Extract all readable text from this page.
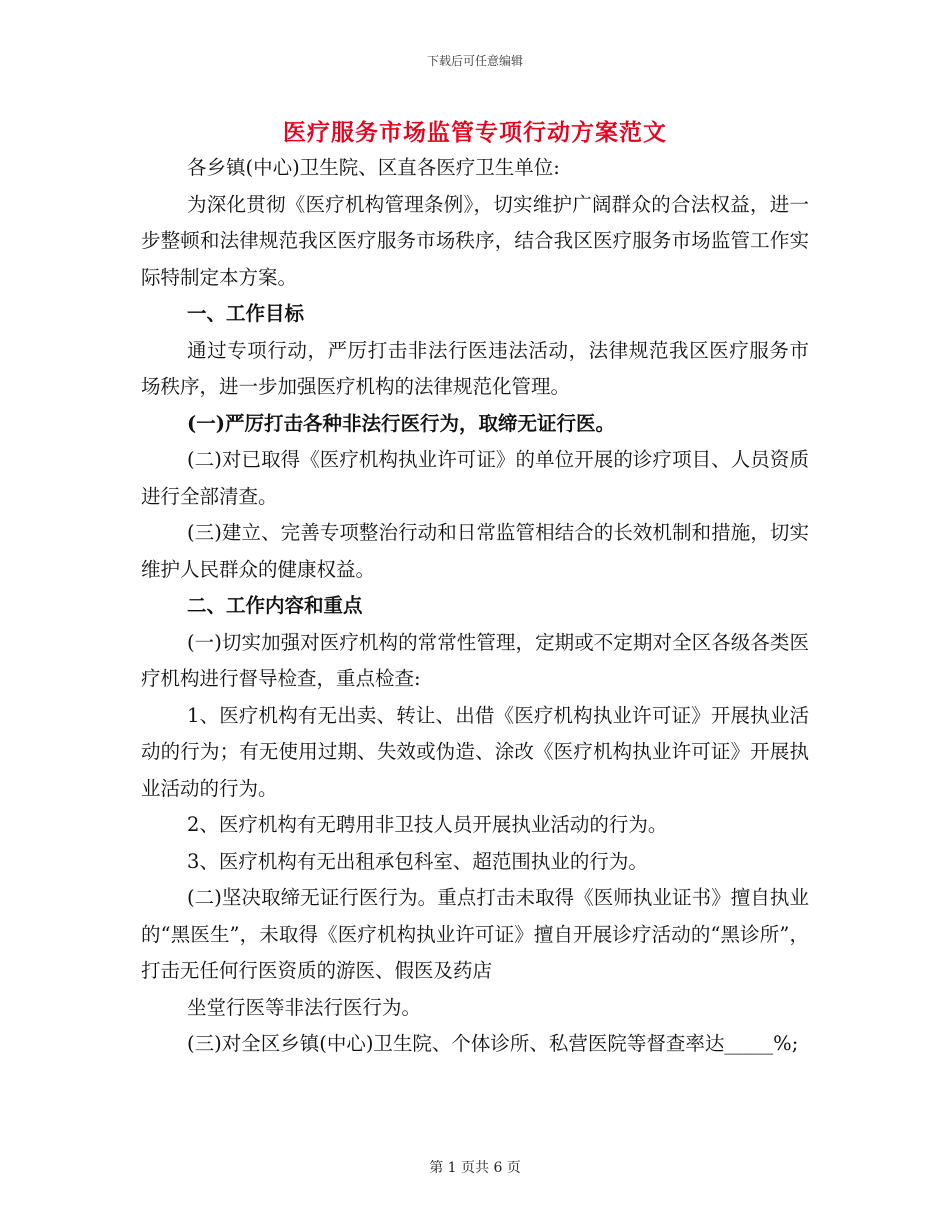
下载后可任意编辑
医疗服务市场监管专项行动方案范文

各乡镇(中心)卫生院、区直各医疗卫生单位:

为深化贯彻《医疗机构管理条例》，切实维护广阔群众的合法权益，进一步整顿和法律规范我区医疗服务市场秩序，结合我区医疗服务市场监管工作实际特制定本方案。

一、工作目标

通过专项行动，严厉打击非法行医违法活动，法律规范我区医疗服务市场秩序，进一步加强医疗机构的法律规范化管理。

(一)严厉打击各种非法行医行为，取缔无证行医。

(二)对已取得《医疗机构执业许可证》的单位开展的诊疗项目、人员资质进行全部清查。

(三)建立、完善专项整治行动和日常监管相结合的长效机制和措施，切实维护人民群众的健康权益。

二、工作内容和重点

(一)切实加强对医疗机构的常常性管理，定期或不定期对全区各级各类医疗机构进行督导检查，重点检查:

1、医疗机构有无出卖、转让、出借《医疗机构执业许可证》开展执业活动的行为；有无使用过期、失效或伪造、涂改《医疗机构执业许可证》开展执业活动的行为。

2、医疗机构有无聘用非卫技人员开展执业活动的行为。

3、医疗机构有无出租承包科室、超范围执业的行为。

(二)坚决取缔无证行医行为。重点打击未取得《医师执业证书》擅自执业的“黑医生”，未取得《医疗机构执业许可证》擅自开展诊疗活动的“黑诊所”，打击无任何行医资质的游医、假医及药店

坐堂行医等非法行医行为。

(三)对全区乡镇(中心)卫生院、个体诊所、私营医院等督查率达_____%;

第 1 页共 6 页
